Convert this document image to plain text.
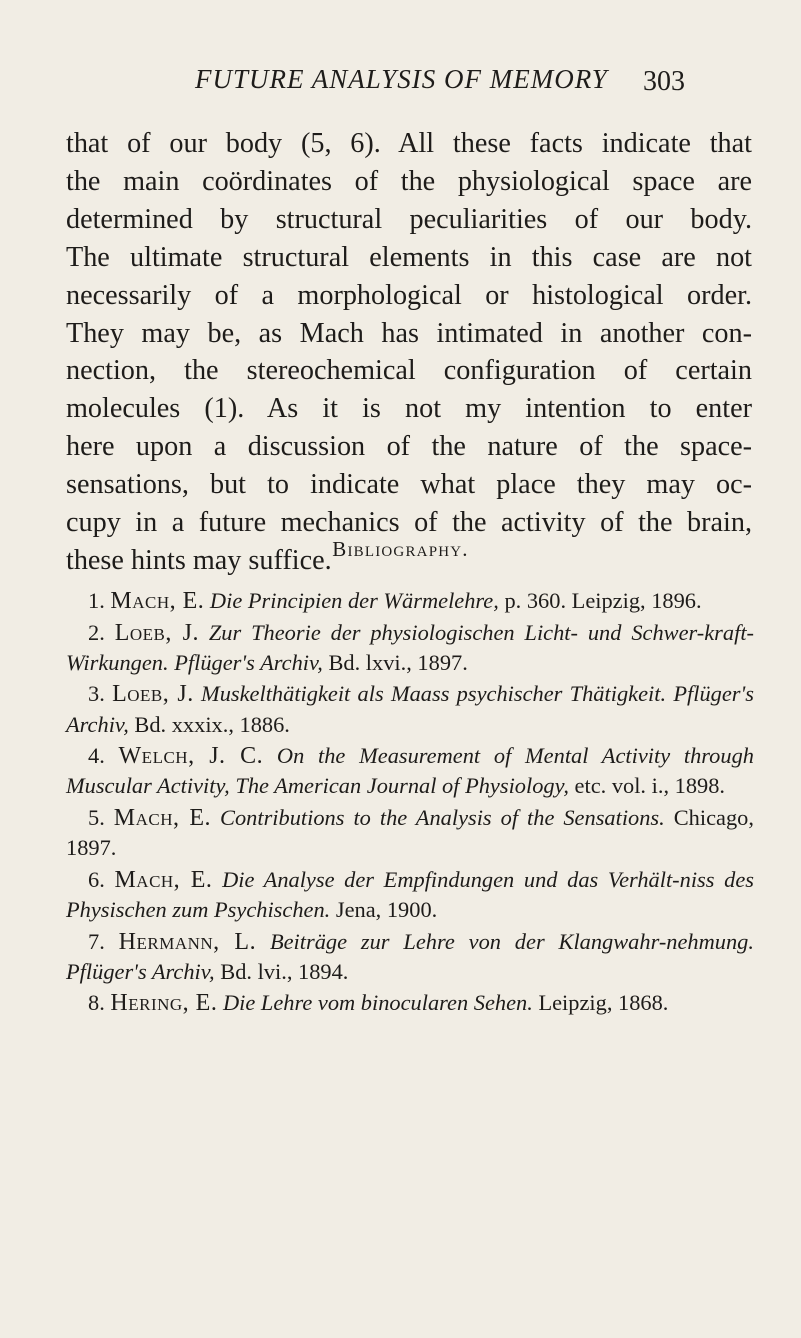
FUTURE ANALYSIS OF MEMORY 303

that of our body (5, 6). All these facts indicate that
the main coördinates of the physiological space are
determined by structural peculiarities of our body.
The ultimate structural elements in this case are not
necessarily of a morphological or histological order.
They may be, as Mach has intimated in another con-
nection, the stereochemical configuration of certain
molecules (1). As it is not my intention to enter
here upon a discussion of the nature of the space-
sensations, but to indicate what place they may oc-
cupy in a future mechanics of the activity of the brain,
these hints may suffice. Bibliography.
1. Mach, E. Die Principien der Wärmelehre, p. 360. Leipzig, 1896.
2. Loeb, J. Zur Theorie der physiologischen Licht- und Schwer-kraft-Wirkungen. Pflüger's Archiv, Bd. lxvi., 1897.
3. Loeb, J. Muskelthätigkeit als Maass psychischer Thätigkeit. Pflüger's Archiv, Bd. xxxix., 1886.
4. Welch, J. C. On the Measurement of Mental Activity through Muscular Activity, The American Journal of Physiology, etc. vol. i., 1898.
5. Mach, E. Contributions to the Analysis of the Sensations. Chicago, 1897.
6. Mach, E. Die Analyse der Empfindungen und das Verhält-niss des Physischen zum Psychischen. Jena, 1900.
7. Hermann, L. Beiträge zur Lehre von der Klangwahr-nehmung. Pflüger's Archiv, Bd. lvi., 1894.
8. Hering, E. Die Lehre vom binocularen Sehen. Leipzig, 1868.
